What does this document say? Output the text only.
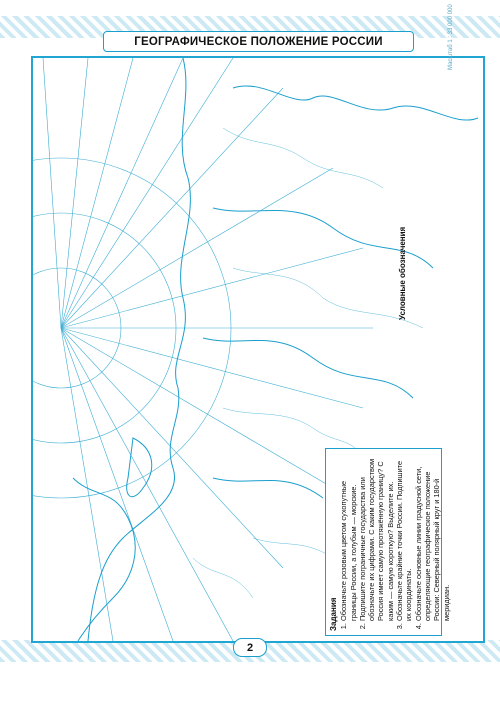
ГЕОГРАФИЧЕСКОЕ ПОЛОЖЕНИЕ РОССИИ	Масштаб 1 : 33 000 000
Условные обозначения
Задания 1. Обозначьте розовым цветом сухопутные границы России, а голубым — морские. 2. Подпишите пограничные государства или обозначьте их цифрами. С каким государством Россия имеет самую протяжённую границу? С каким — самую короткую? Выделите их. 3. Обозначьте крайние точки России. Подпишите их координаты. 4. Обозначьте основные линии градусной сети, определяющие географическое положение России: Северный полярный круг и 180-й меридиан.
2
